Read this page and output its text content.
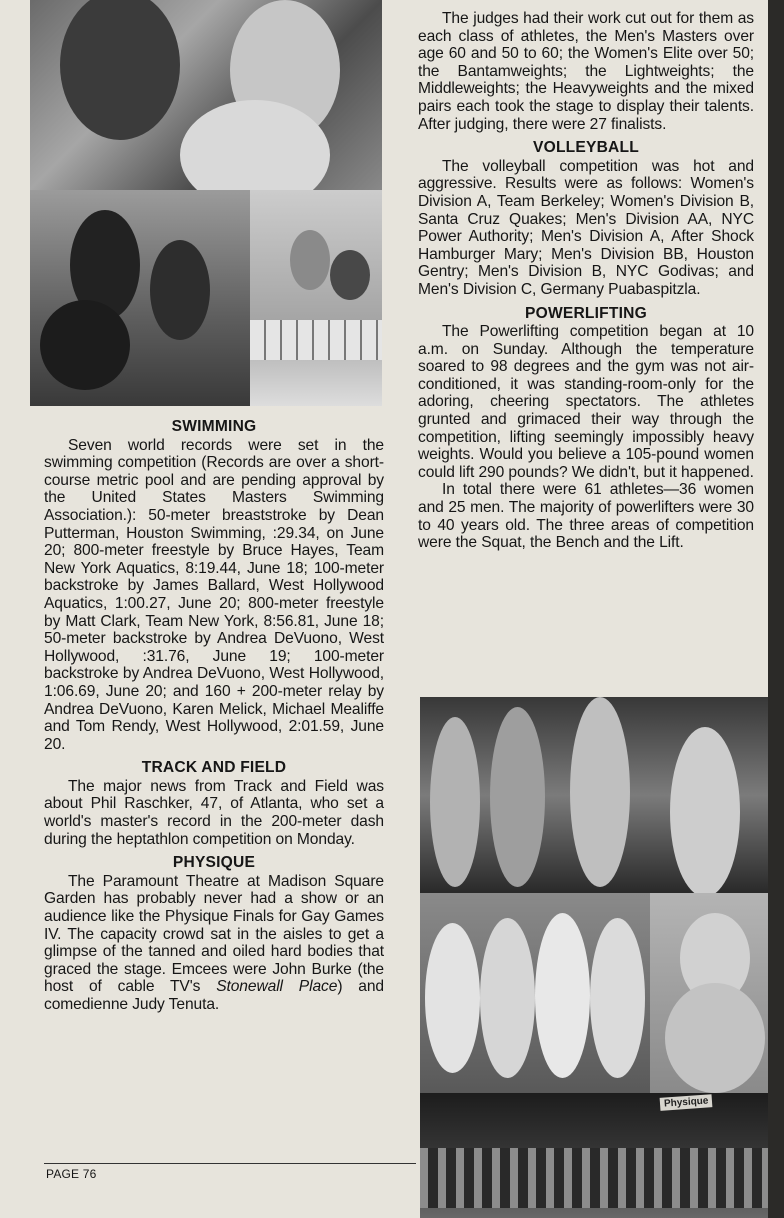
SWIMMING

Seven world records were set in the swimming competition (Records are over a short-course metric pool and are pending approval by the United States Masters Swimming Association.): 50-meter breaststroke by Dean Putterman, Houston Swimming, :29.34, on June 20; 800-meter freestyle by Bruce Hayes, Team New York Aquatics, 8:19.44, June 18; 100-meter backstroke by James Ballard, West Hollywood Aquatics, 1:00.27, June 20; 800-meter freestyle by Matt Clark, Team New York, 8:56.81, June 18; 50-meter backstroke by Andrea DeVuono, West Hollywood, :31.76, June 19; 100-meter backstroke by Andrea DeVuono, West Hollywood, 1:06.69, June 20; and 160 + 200-meter relay by Andrea DeVuono, Karen Melick, Michael Mealiffe and Tom Rendy, West Hollywood, 2:01.59, June 20.

TRACK AND FIELD

The major news from Track and Field was about Phil Raschker, 47, of Atlanta, who set a world's master's record in the 200-meter dash during the heptathlon competition on Monday.

PHYSIQUE

The Paramount Theatre at Madison Square Garden has probably never had a show or an audience like the Physique Finals for Gay Games IV. The capacity crowd sat in the aisles to get a glimpse of the tanned and oiled hard bodies that graced the stage. Emcees were John Burke (the host of cable TV's Stonewall Place) and comedienne Judy Tenuta.

The judges had their work cut out for them as each class of athletes, the Men's Masters over age 60 and 50 to 60; the Women's Elite over 50; the Bantamweights; the Lightweights; the Middleweights; the Heavyweights and the mixed pairs each took the stage to display their talents. After judging, there were 27 finalists.

VOLLEYBALL

The volleyball competition was hot and aggressive. Results were as follows: Women's Division A, Team Berkeley; Women's Division B, Santa Cruz Quakes; Men's Division AA, NYC Power Authority; Men's Division A, After Shock Hamburger Mary; Men's Division BB, Houston Gentry; Men's Division B, NYC Godivas; and Men's Division C, Germany Puabaspitzla.

POWERLIFTING

The Powerlifting competition began at 10 a.m. on Sunday. Although the temperature soared to 98 degrees and the gym was not air-conditioned, it was standing-room-only for the adoring, cheering spectators. The athletes grunted and grimaced their way through the competition, lifting seemingly impossibly heavy weights. Would you believe a 105-pound women could lift 290 pounds? We didn't, but it happened.

In total there were 61 athletes—36 women and 25 men. The majority of powerlifters were 30 to 40 years old. The three areas of competition were the Squat, the Bench and the Lift.

Physique
PAGE 76
